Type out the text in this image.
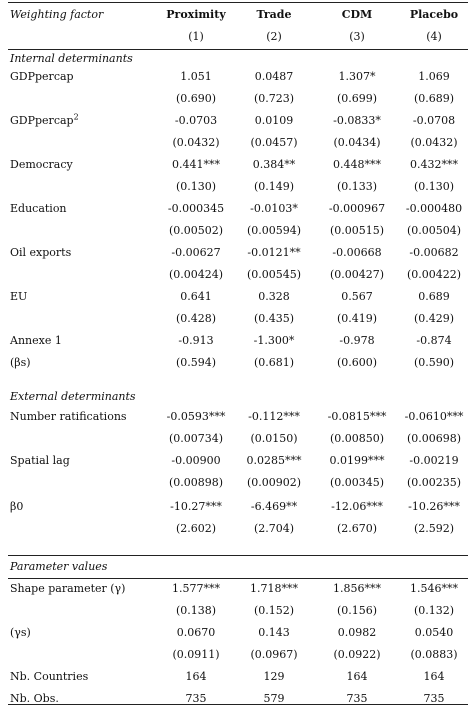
Weighting factor	Proximity	Trade	CDM	Placebo
(1)	(2)	(3)	(4)
Internal determinants
GDPpercap	1.051	0.0487	1.307*	1.069
(0.690)	(0.723)	(0.699)	(0.689)
GDPpercap$^2$	-0.0703	0.0109	-0.0833*	-0.0708
(0.0432)	(0.0457)	(0.0434)	(0.0432)
Democracy	0.441***	0.384**	0.448***	0.432***
(0.130)	(0.149)	(0.133)	(0.130)
Education	-0.000345	-0.0103*	-0.000967	-0.000480
(0.00502)	(0.00594)	(0.00515)	(0.00504)
Oil exports	-0.00627	-0.0121**	-0.00668	-0.00682
(0.00424)	(0.00545)	(0.00427)	(0.00422)
EU	0.641	0.328	0.567	0.689
(0.428)	(0.435)	(0.419)	(0.429)
Annexe 1	-0.913	-1.300*	-0.978	-0.874
(βs)	(0.594)	(0.681)	(0.600)	(0.590)
Number ratifications	-0.0593***	-0.112***	-0.0815***	-0.0610***
(0.00734)	(0.0150)	(0.00850)	(0.00698)
Spatial lag	-0.00900	0.0285***	0.0199***	-0.00219
(0.00898)	(0.00902)	(0.00345)	(0.00235)
β0	-10.27***	-6.469**	-12.06***	-10.26***
(2.602)	(2.704)	(2.670)	(2.592)
Shape parameter (γ)	1.577***	1.718***	1.856***	1.546***
(0.138)	(0.152)	(0.156)	(0.132)
(γs)	0.0670	0.143	0.0982	0.0540
(0.0911)	(0.0967)	(0.0922)	(0.0883)
Nb. Countries	164	129	164	164
Nb. Obs.	735	579	735	735
External determinants
Parameter values
